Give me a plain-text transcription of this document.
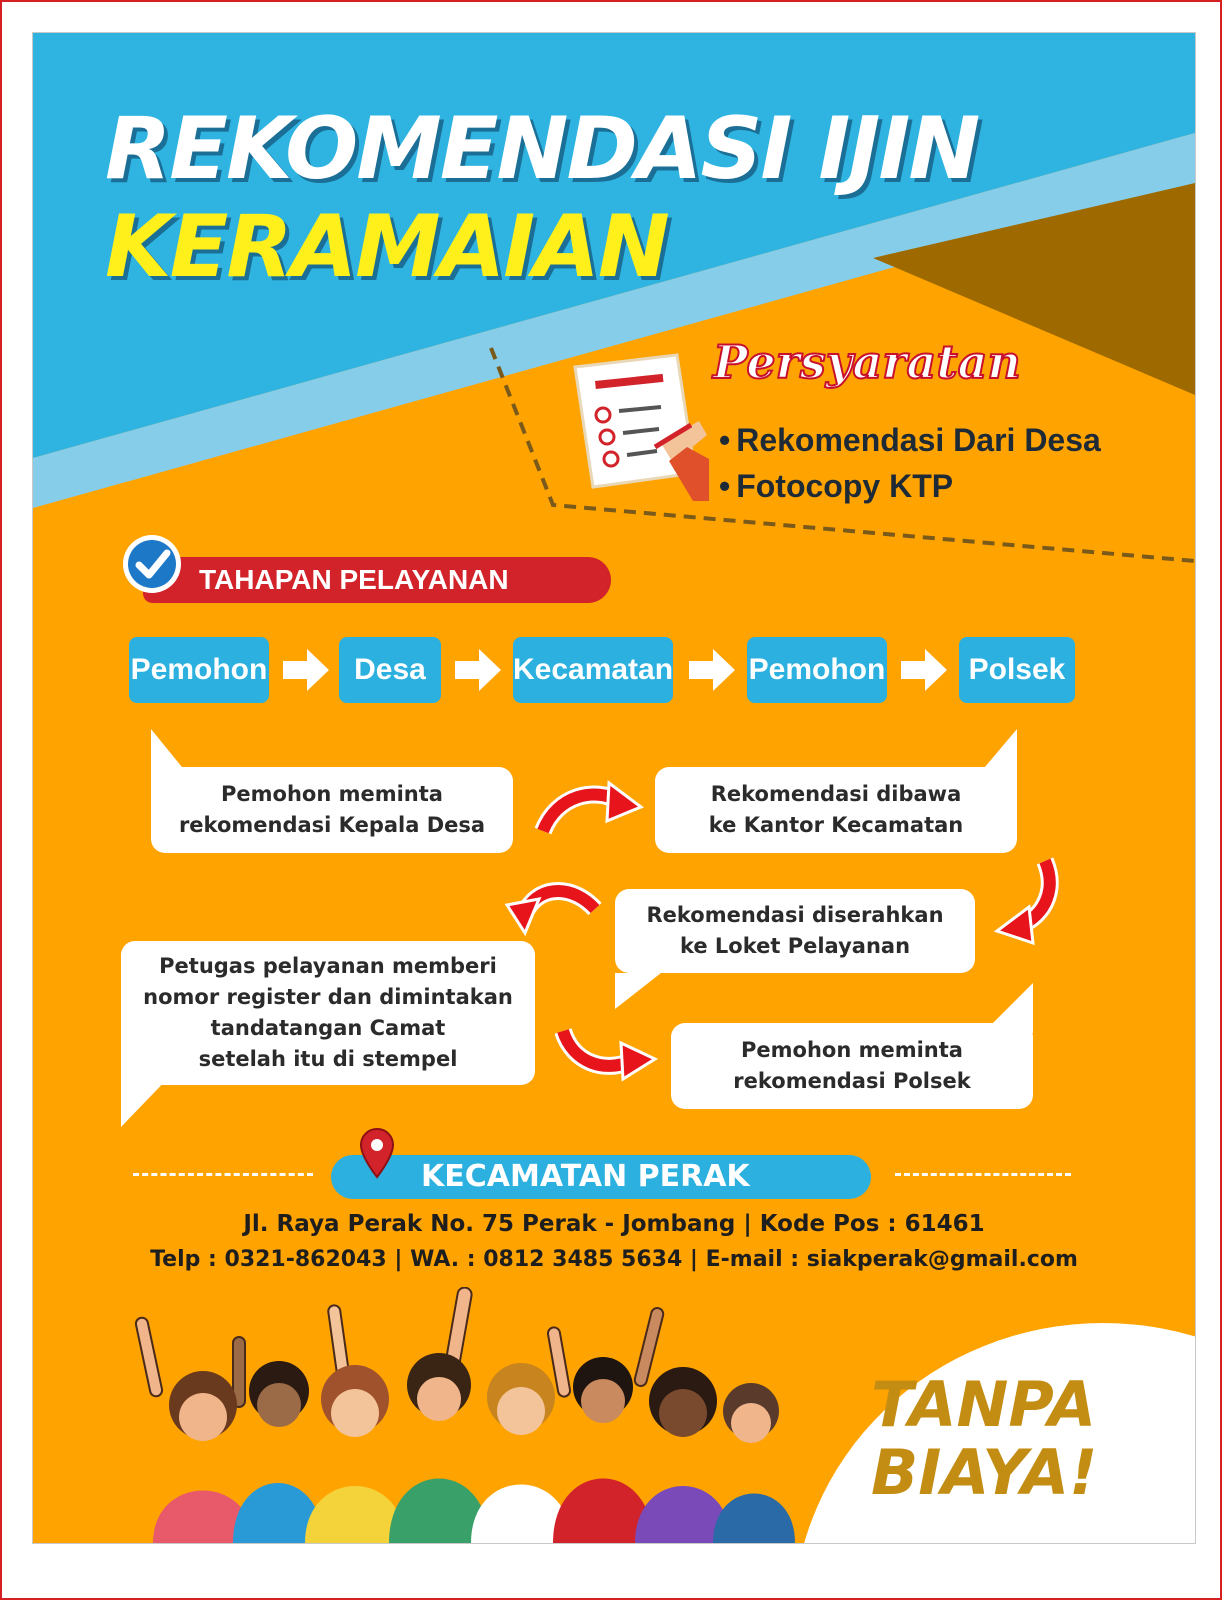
REKOMENDASI IJIN
KERAMAIAN
Persyaratan
• Rekomendasi Dari Desa
• Fotocopy KTP
TAHAPAN PELAYANAN
Pemohon	Desa	Kecamatan	Pemohon	Polsek
Pemohon meminta
rekomendasi Kepala Desa
Rekomendasi dibawa
ke Kantor Kecamatan
Rekomendasi diserahkan
ke Loket Pelayanan
Petugas pelayanan memberi
nomor register dan dimintakan
tandatangan Camat
setelah itu di stempel	Pemohon meminta
rekomendasi Polsek
KECAMATAN PERAK
Jl. Raya Perak No. 75 Perak - Jombang | Kode Pos : 61461
Telp : 0321-862043 | WA. : 0812 3485 5634 | E-mail : siakperak@gmail.com
TANPA
BIAYA!
